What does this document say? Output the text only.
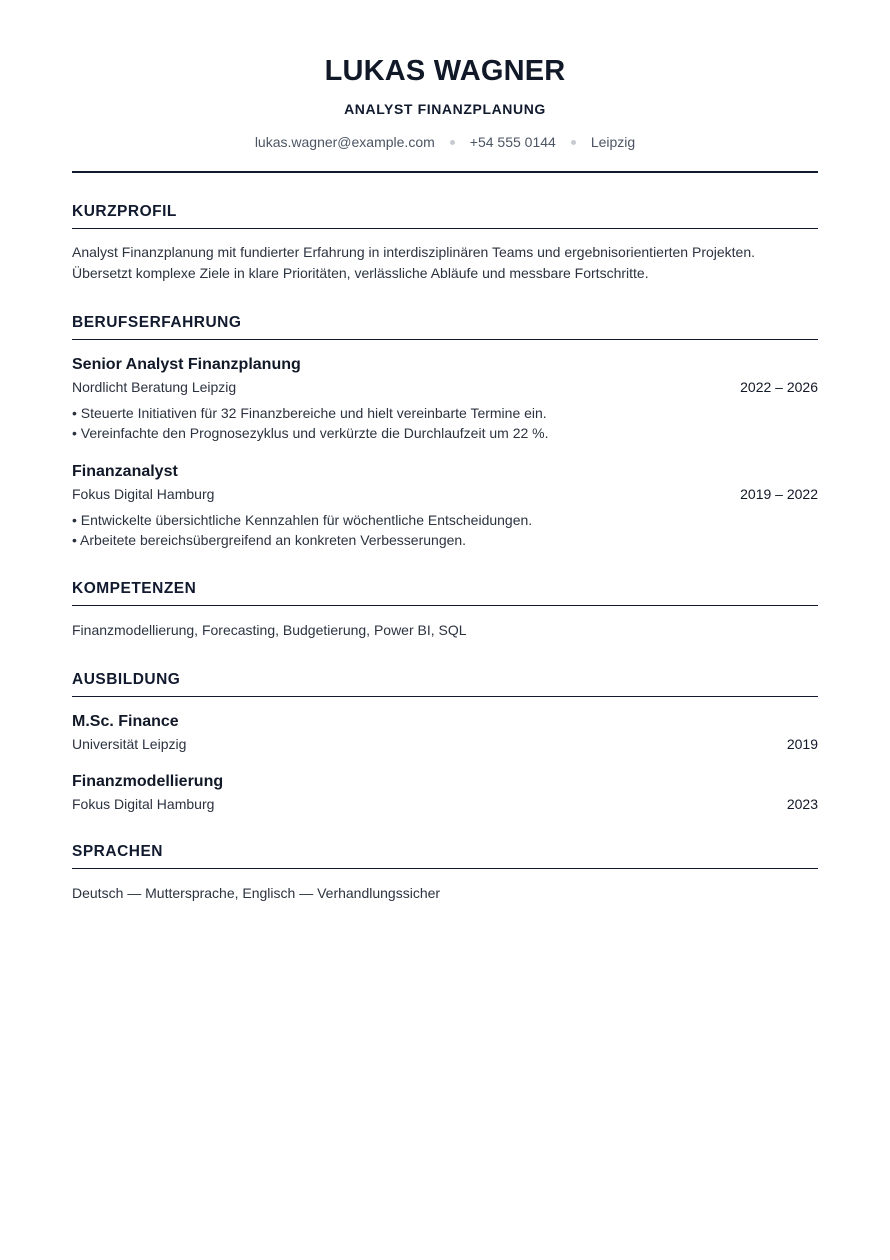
LUKAS WAGNER
ANALYST FINANZPLANUNG
lukas.wagner@example.com	+54 555 0144	Leipzig
KURZPROFIL
Analyst Finanzplanung mit fundierter Erfahrung in interdisziplinären Teams und ergebnisorientierten Projekten.
Übersetzt komplexe Ziele in klare Prioritäten, verlässliche Abläufe und messbare Fortschritte.
BERUFSERFAHRUNG
Senior Analyst Finanzplanung
Nordlicht Beratung Leipzig	2022 – 2026
• Steuerte Initiativen für 32 Finanzbereiche und hielt vereinbarte Termine ein.
• Vereinfachte den Prognosezyklus und verkürzte die Durchlaufzeit um 22 %.
Finanzanalyst
Fokus Digital Hamburg	2019 – 2022
• Entwickelte übersichtliche Kennzahlen für wöchentliche Entscheidungen.
• Arbeitete bereichsübergreifend an konkreten Verbesserungen.
KOMPETENZEN
Finanzmodellierung, Forecasting, Budgetierung, Power BI, SQL
AUSBILDUNG
M.Sc. Finance
Universität Leipzig	2019
Finanzmodellierung
Fokus Digital Hamburg	2023
SPRACHEN
Deutsch — Muttersprache, Englisch — Verhandlungssicher
